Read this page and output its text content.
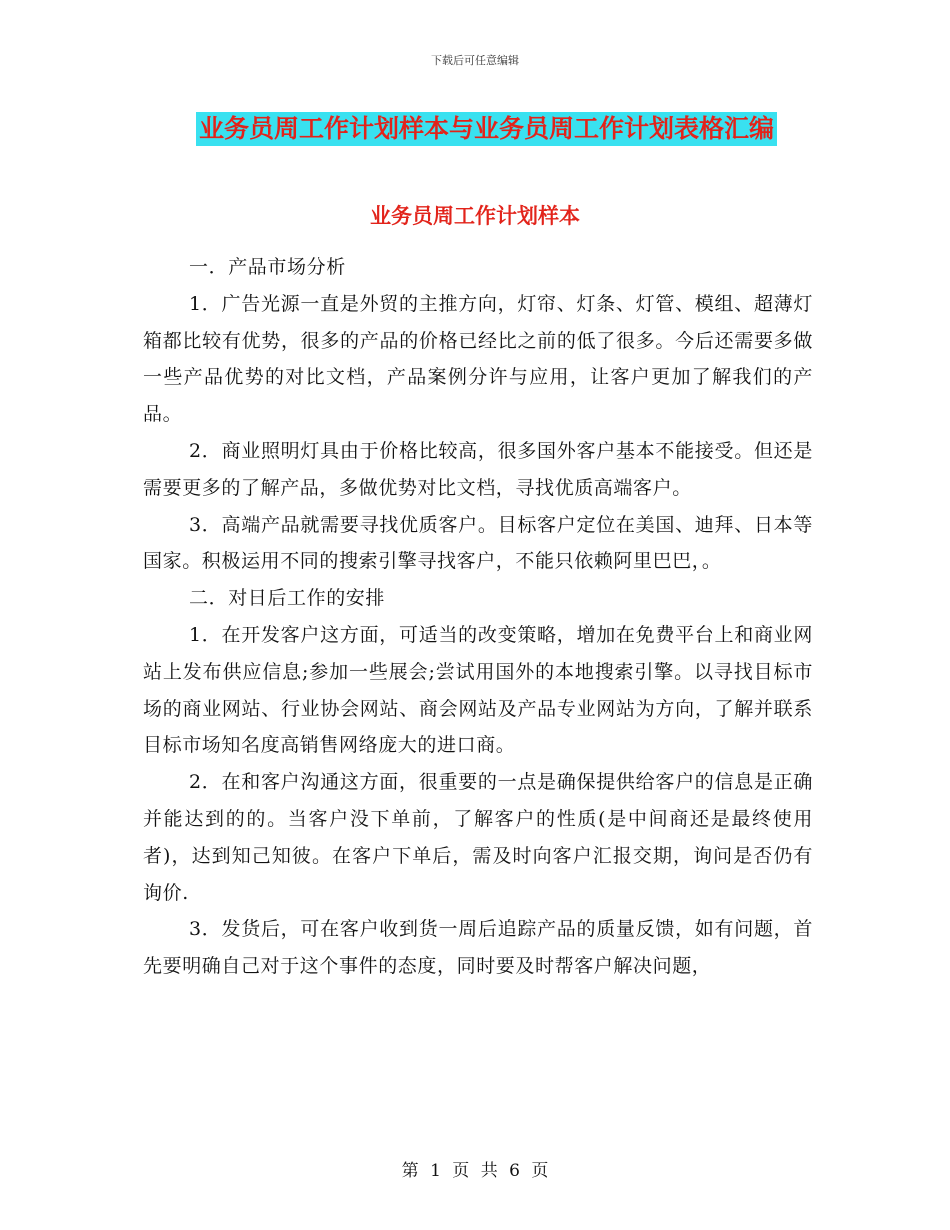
下载后可任意编辑
业务员周工作计划样本与业务员周工作计划表格汇编
业务员周工作计划样本

一．产品市场分析

1．广告光源一直是外贸的主推方向，灯帘、灯条、灯管、模组、超薄灯箱都比较有优势，很多的产品的价格已经比之前的低了很多。今后还需要多做一些产品优势的对比文档，产品案例分许与应用，让客户更加了解我们的产品。

2．商业照明灯具由于价格比较高，很多国外客户基本不能接受。但还是需要更多的了解产品，多做优势对比文档，寻找优质高端客户。

3．高端产品就需要寻找优质客户。目标客户定位在美国、迪拜、日本等国家。积极运用不同的搜索引擎寻找客户，不能只依赖阿里巴巴，。

二．对日后工作的安排

1．在开发客户这方面，可适当的改变策略，增加在免费平台上和商业网站上发布供应信息;参加一些展会;尝试用国外的本地搜索引擎。以寻找目标市场的商业网站、行业协会网站、商会网站及产品专业网站为方向，了解并联系目标市场知名度高销售网络庞大的进口商。

2．在和客户沟通这方面，很重要的一点是确保提供给客户的信息是正确并能达到的的。当客户没下单前，了解客户的性质(是中间商还是最终使用者)，达到知己知彼。在客户下单后，需及时向客户汇报交期，询问是否仍有询价.

3．发货后，可在客户收到货一周后追踪产品的质量反馈，如有问题，首先要明确自己对于这个事件的态度，同时要及时帮客户解决问题，

第 1 页 共 6 页
